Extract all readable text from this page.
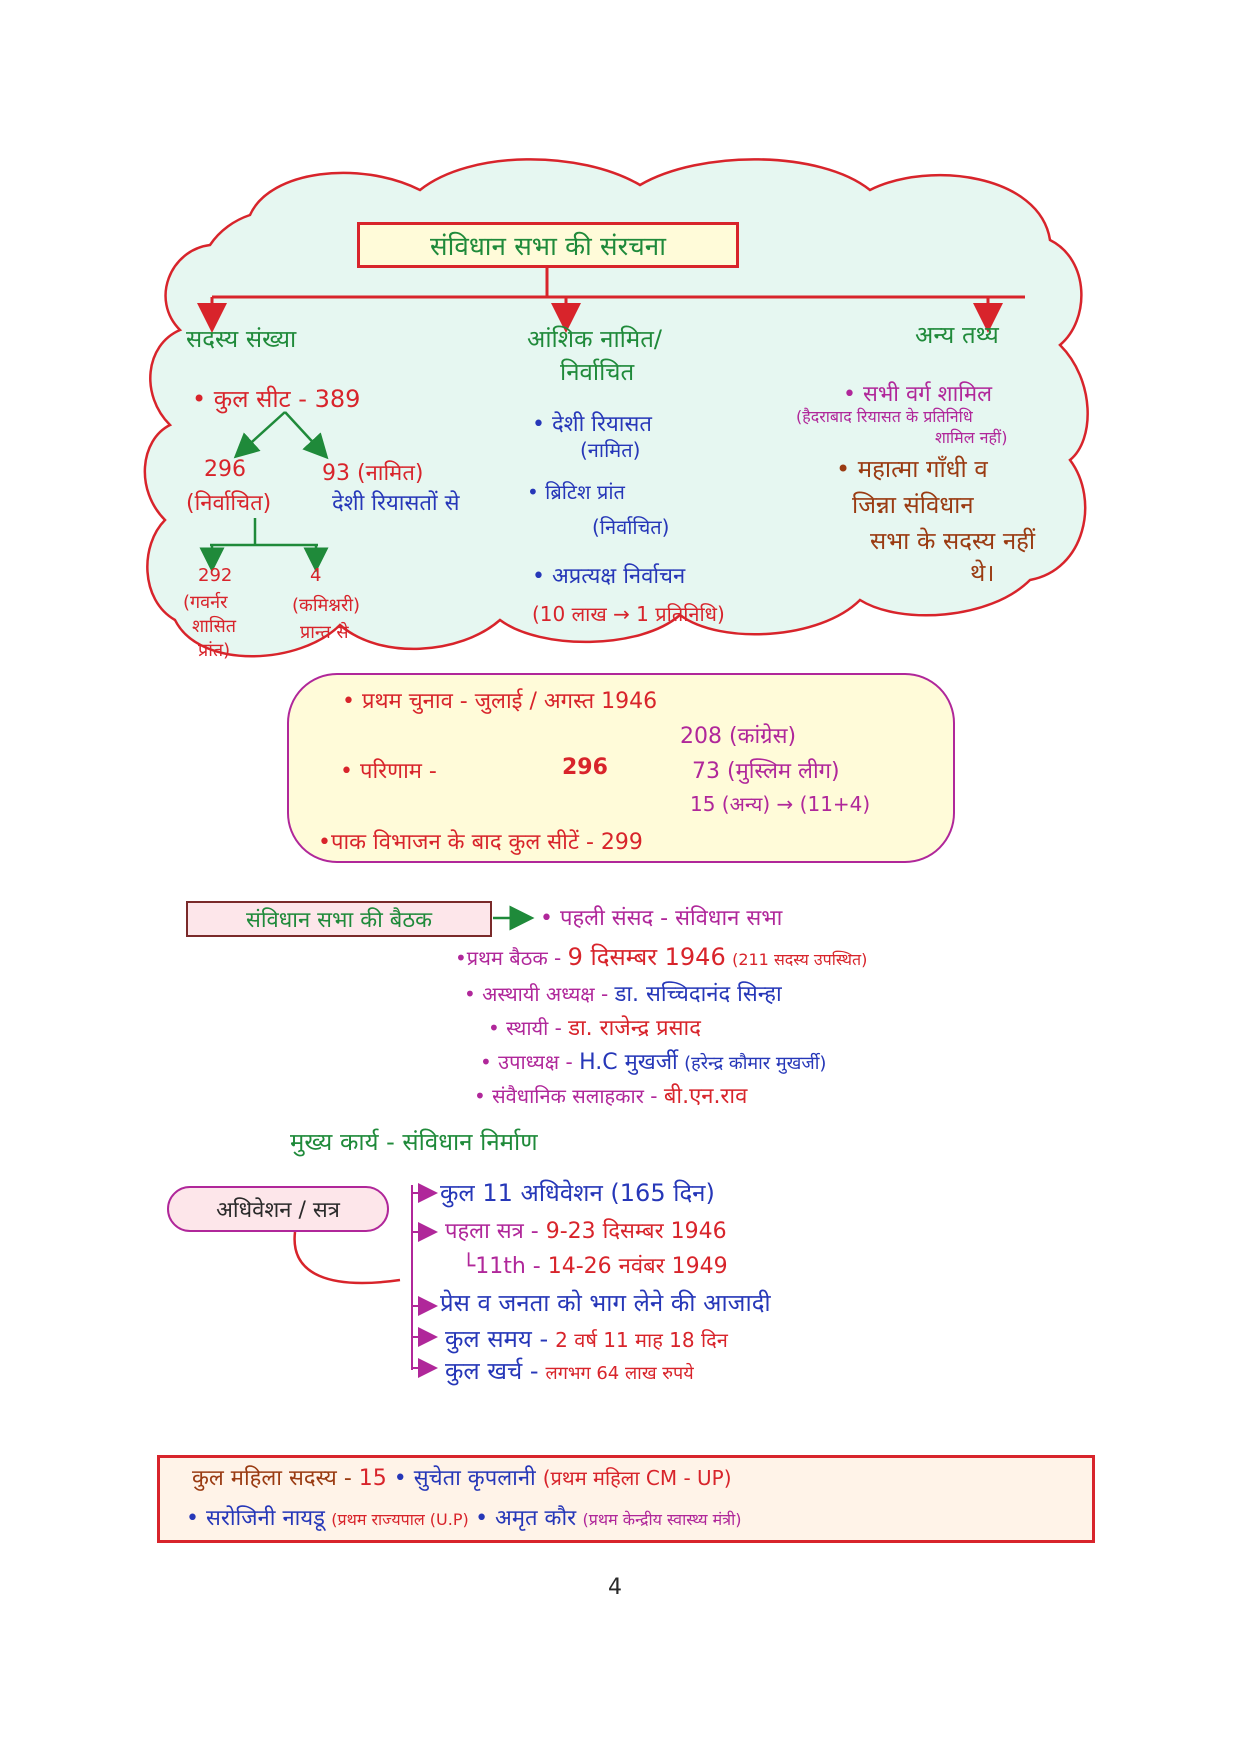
संविधान सभा की संरचना
सदस्य संख्या
• कुल सीट - 389
296
(निर्वाचित)
93 (नामित)
देशी रियासतों से
292
(गवर्नर
शासित
प्रांत)
4
(कमिश्नरी)
प्रान्त से
आंशिक नामित/
निर्वाचित
• देशी रियासत
(नामित)
• ब्रिटिश प्रांत
(निर्वाचित)
• अप्रत्यक्ष निर्वाचन
(10 लाख → 1 प्रतिनिधि)
अन्य तथ्य
• सभी वर्ग शामिल
(हैदराबाद रियासत के प्रतिनिधि
शामिल नहीं)
• महात्मा गाँधी व
जिन्ना संविधान
सभा के सदस्य नहीं
थे।
• प्रथम चुनाव - जुलाई / अगस्त 1946
• परिणाम -	296
208 (कांग्रेस)
73 (मुस्लिम लीग)
15 (अन्य) → (11+4)
•पाक विभाजन के बाद कुल सीटें - 299
संविधान सभा की बैठक	• पहली संसद - संविधान सभा
•प्रथम बैठक - 9 दिसम्बर 1946 (211 सदस्य उपस्थित)
• अस्थायी अध्यक्ष - डा. सच्चिदानंद सिन्हा
• स्थायी - डा. राजेन्द्र प्रसाद
• उपाध्यक्ष - H.C मुखर्जी (हरेन्द्र कौमार मुखर्जी)
• संवैधानिक सलाहकार - बी.एन.राव
मुख्य कार्य - संविधान निर्माण
अधिवेशन / सत्र
कुल 11 अधिवेशन (165 दिन)
पहला सत्र - 9-23 दिसम्बर 1946
└11th - 14-26 नवंबर 1949
प्रेस व जनता को भाग लेने की आजादी
कुल समय - 2 वर्ष 11 माह 18 दिन
कुल खर्च - लगभग 64 लाख रुपये
कुल महिला सदस्य - 15 • सुचेता कृपलानी (प्रथम महिला CM - UP)
• सरोजिनी नायडू (प्रथम राज्यपाल (U.P) • अमृत कौर (प्रथम केन्द्रीय स्वास्थ्य मंत्री)
4
